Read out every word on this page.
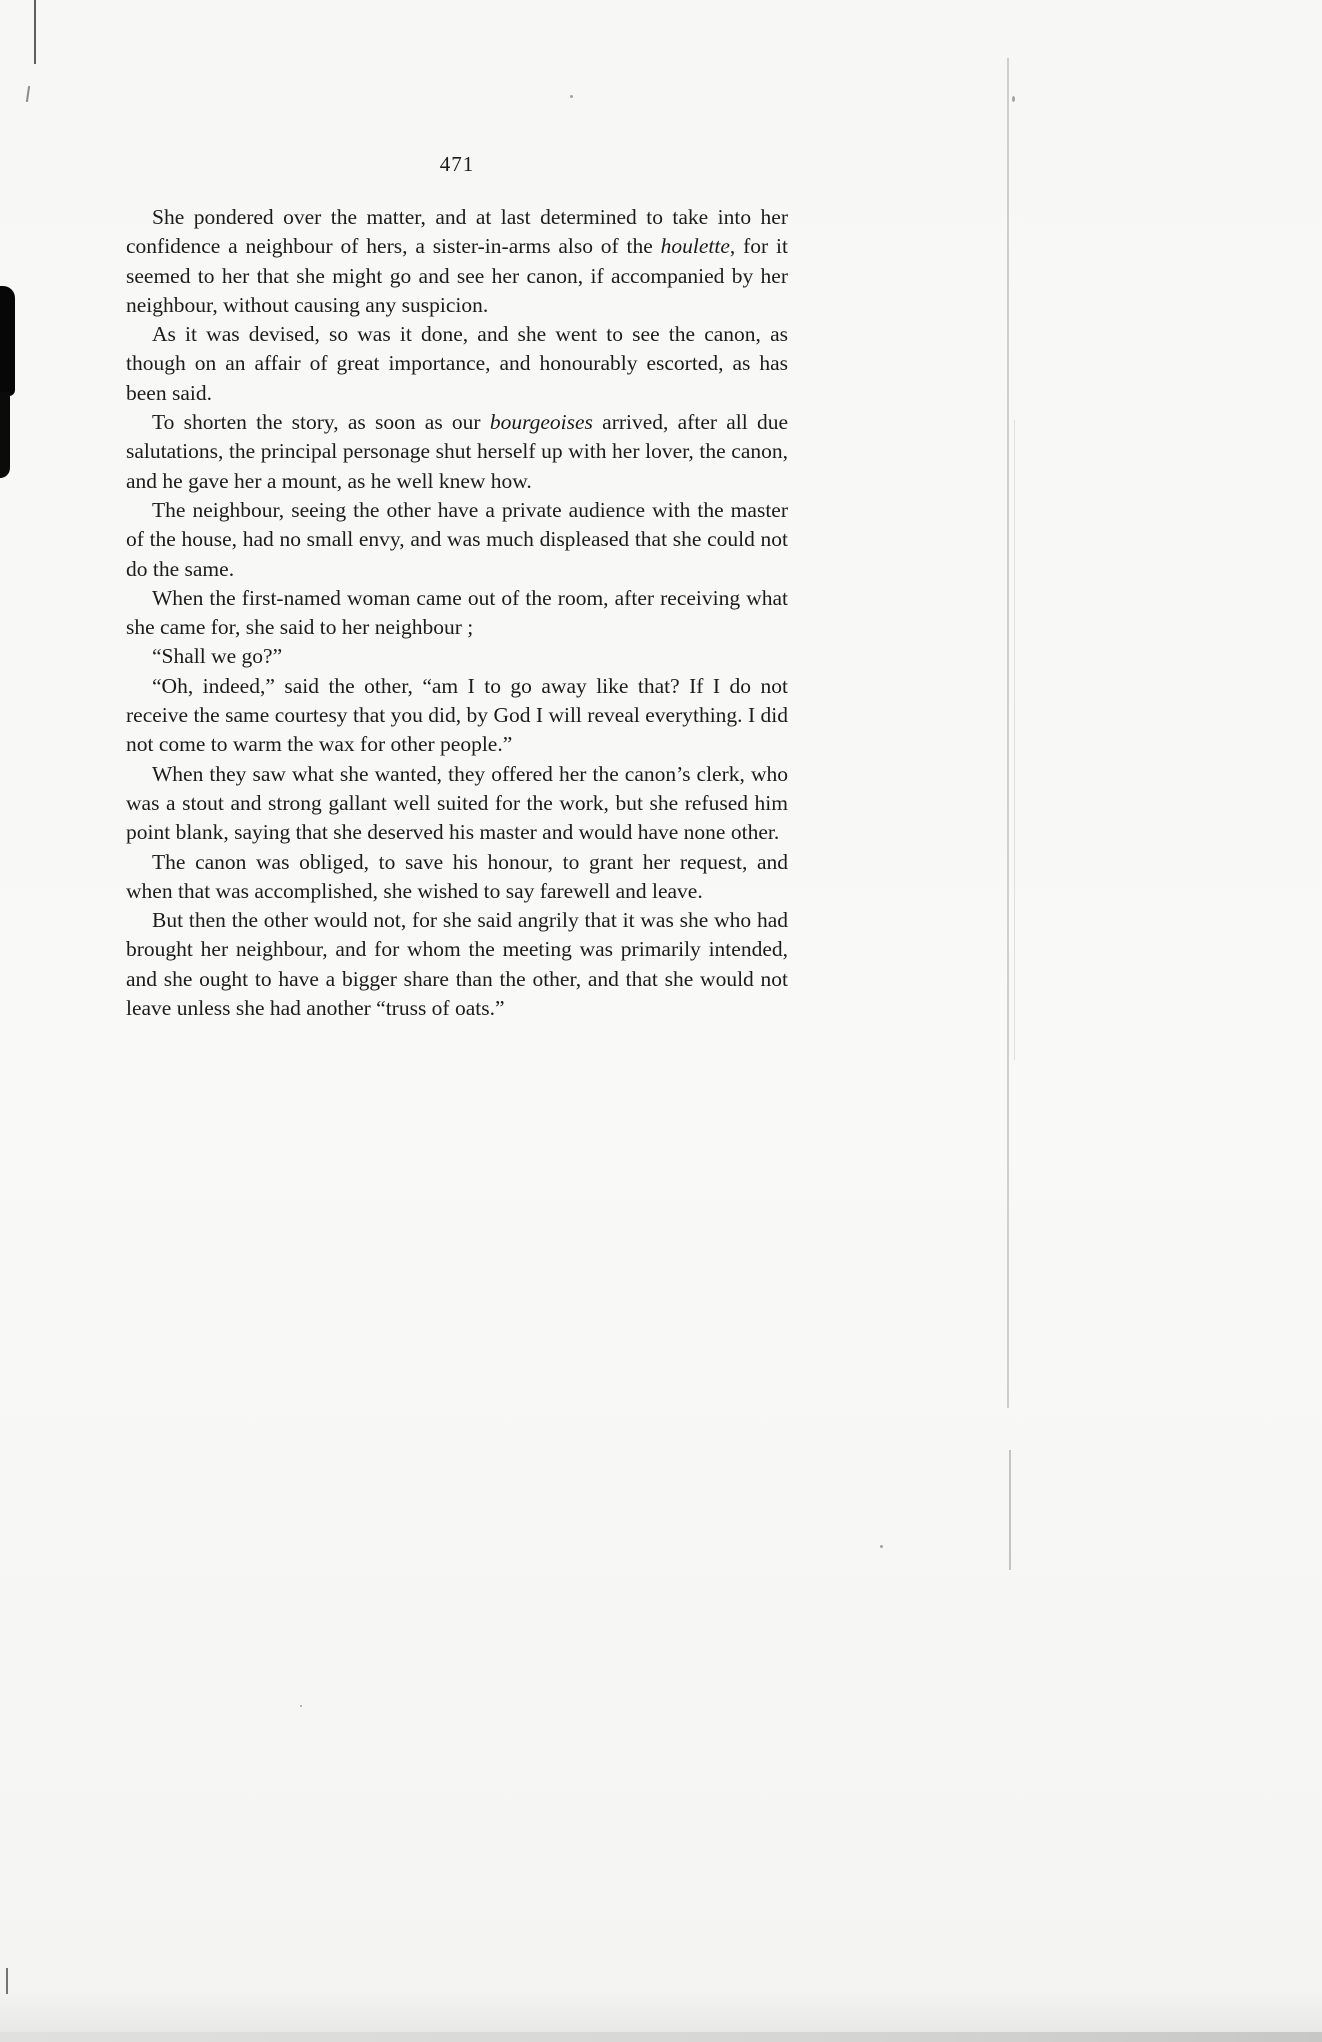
471

She pondered over the matter, and at last determined to take into her confidence a neighbour of hers, a sister-in-arms also of the houlette, for it seemed to her that she might go and see her canon, if accompanied by her neighbour, without causing any suspicion.

As it was devised, so was it done, and she went to see the canon, as though on an affair of great importance, and honourably escorted, as has been said.

To shorten the story, as soon as our bourgeoises arrived, after all due salutations, the principal personage shut herself up with her lover, the canon, and he gave her a mount, as he well knew how.

The neighbour, seeing the other have a private audience with the master of the house, had no small envy, and was much displeased that she could not do the same.

When the first-named woman came out of the room, after receiving what she came for, she said to her neighbour ;

“Shall we go?”

“Oh, indeed,” said the other, “am I to go away like that? If I do not receive the same courtesy that you did, by God I will reveal everything. I did not come to warm the wax for other people.”

When they saw what she wanted, they offered her the canon’s clerk, who was a stout and strong gallant well suited for the work, but she refused him point blank, saying that she deserved his master and would have none other.

The canon was obliged, to save his honour, to grant her request, and when that was accomplished, she wished to say farewell and leave.

But then the other would not, for she said angrily that it was she who had brought her neighbour, and for whom the meeting was primarily intended, and she ought to have a bigger share than the other, and that she would not leave unless she had another “truss of oats.”
